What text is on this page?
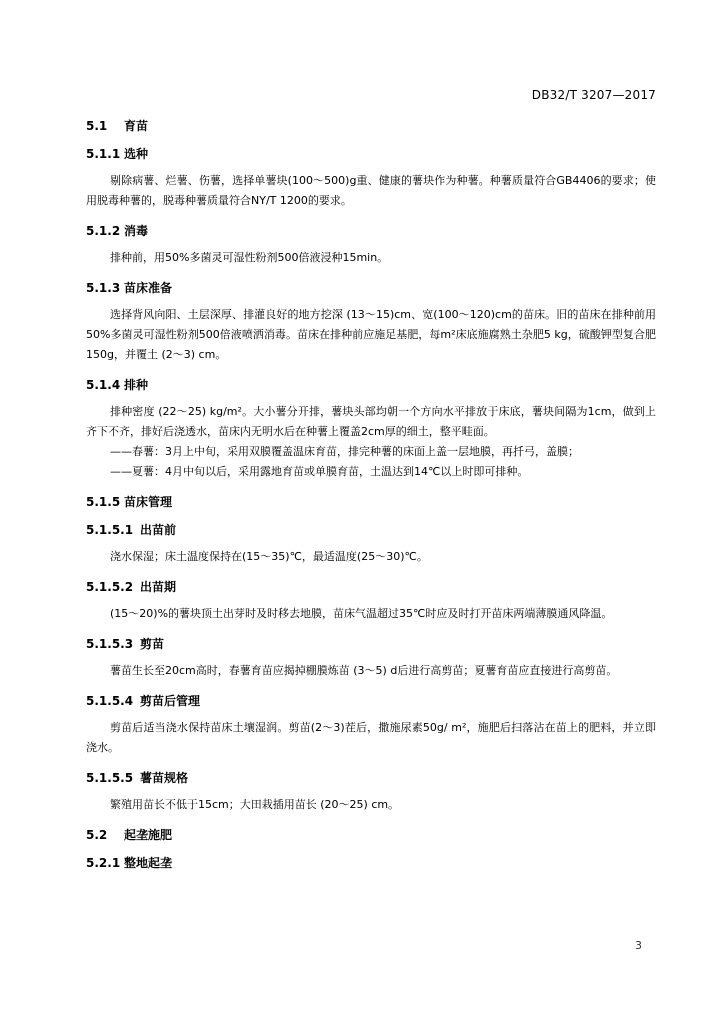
DB32/T 3207—2017
5.1 育苗
5.1.1 选种

剔除病薯、烂薯、伤薯，选择单薯块(100～500)g重、健康的薯块作为种薯。种薯质量符合GB4406的要求；使用脱毒种薯的，脱毒种薯质量符合NY/T 1200的要求。

5.1.2 消毒

排种前，用50%多菌灵可湿性粉剂500倍液浸种15min。

5.1.3 苗床准备

选择背风向阳、土层深厚、排灌良好的地方挖深 (13～15)cm、宽(100～120)cm的苗床。旧的苗床在排种前用50%多菌灵可湿性粉剂500倍液喷洒消毒。苗床在排种前应施足基肥，每m²床底施腐熟土杂肥5 kg，硫酸钾型复合肥150g，并覆土 (2～3) cm。

5.1.4 排种

排种密度 (22～25) kg/m²。大小薯分开排，薯块头部均朝一个方向水平排放于床底，薯块间隔为1cm，做到上齐下不齐，排好后浇透水，苗床内无明水后在种薯上覆盖2cm厚的细土，整平畦面。

——春薯：3月上中旬，采用双膜覆盖温床育苗，排完种薯的床面上盖一层地膜，再扦弓，盖膜；

——夏薯：4月中旬以后，采用露地育苗或单膜育苗，土温达到14℃以上时即可排种。

5.1.5 苗床管理
5.1.5.1 出苗前

浇水保湿；床土温度保持在(15～35)℃，最适温度(25～30)℃。

5.1.5.2 出苗期

(15～20)%的薯块顶土出芽时及时移去地膜，苗床气温超过35℃时应及时打开苗床两端薄膜通风降温。

5.1.5.3 剪苗

薯苗生长至20cm高时，春薯育苗应揭掉棚膜炼苗 (3～5) d后进行高剪苗；夏薯育苗应直接进行高剪苗。

5.1.5.4 剪苗后管理

剪苗后适当浇水保持苗床土壤湿润。剪苗(2～3)茬后，撒施尿素50g/ m²，施肥后扫落沾在苗上的肥料，并立即浇水。

5.1.5.5 薯苗规格

繁殖用苗长不低于15cm；大田栽插用苗长 (20～25) cm。

5.2 起垄施肥
5.2.1 整地起垄
3
